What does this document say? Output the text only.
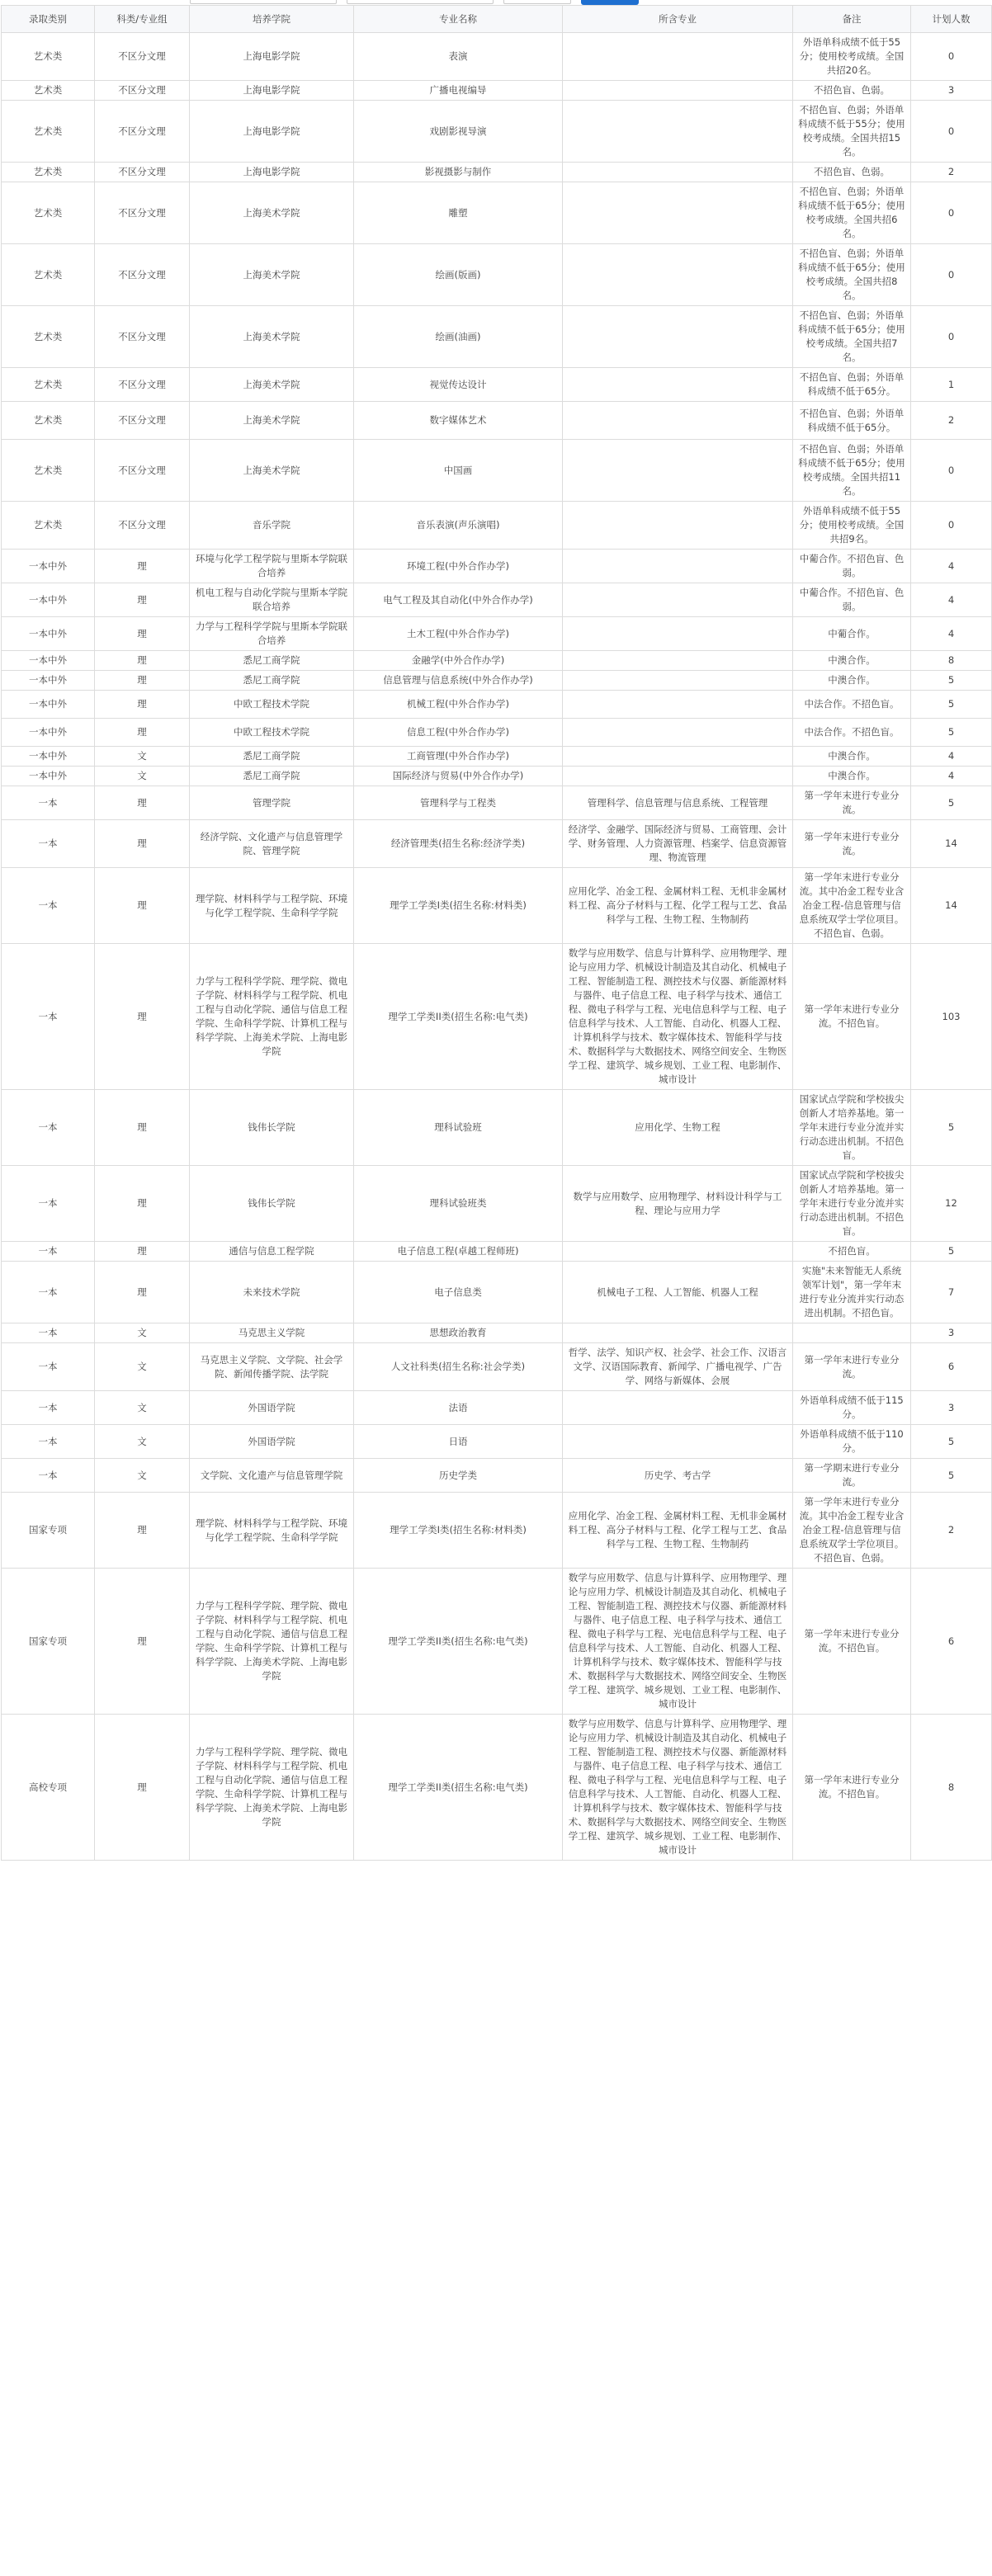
录取类别	科类/专业组	培养学院	专业名称	所含专业	备注	计划人数
艺术类	不区分文理	上海电影学院	表演		外语单科成绩不低于55分；使用校考成绩。全国共招20名。	0
艺术类	不区分文理	上海电影学院	广播电视编导		不招色盲、色弱。	3
艺术类	不区分文理	上海电影学院	戏剧影视导演		不招色盲、色弱；外语单科成绩不低于55分；使用校考成绩。全国共招15名。	0
艺术类	不区分文理	上海电影学院	影视摄影与制作		不招色盲、色弱。	2
艺术类	不区分文理	上海美术学院	雕塑		不招色盲、色弱；外语单科成绩不低于65分；使用校考成绩。全国共招6名。	0
艺术类	不区分文理	上海美术学院	绘画(版画)		不招色盲、色弱；外语单科成绩不低于65分；使用校考成绩。全国共招8名。	0
艺术类	不区分文理	上海美术学院	绘画(油画)		不招色盲、色弱；外语单科成绩不低于65分；使用校考成绩。全国共招7名。	0
艺术类	不区分文理	上海美术学院	视觉传达设计		不招色盲、色弱；外语单科成绩不低于65分。	1
艺术类	不区分文理	上海美术学院	数字媒体艺术		不招色盲、色弱；外语单科成绩不低于65分。	2
艺术类	不区分文理	上海美术学院	中国画		不招色盲、色弱；外语单科成绩不低于65分；使用校考成绩。全国共招11名。	0
艺术类	不区分文理	音乐学院	音乐表演(声乐演唱)		外语单科成绩不低于55分；使用校考成绩。全国共招9名。	0
一本中外	理	环境与化学工程学院与里斯本学院联合培养	环境工程(中外合作办学)		中葡合作。不招色盲、色弱。	4
一本中外	理	机电工程与自动化学院与里斯本学院联合培养	电气工程及其自动化(中外合作办学)		中葡合作。不招色盲、色弱。	4
一本中外	理	力学与工程科学学院与里斯本学院联合培养	土木工程(中外合作办学)		中葡合作。	4
一本中外	理	悉尼工商学院	金融学(中外合作办学)		中澳合作。	8
一本中外	理	悉尼工商学院	信息管理与信息系统(中外合作办学)		中澳合作。	5
一本中外	理	中欧工程技术学院	机械工程(中外合作办学)		中法合作。不招色盲。	5
一本中外	理	中欧工程技术学院	信息工程(中外合作办学)		中法合作。不招色盲。	5
一本中外	文	悉尼工商学院	工商管理(中外合作办学)		中澳合作。	4
一本中外	文	悉尼工商学院	国际经济与贸易(中外合作办学)		中澳合作。	4
一本	理	管理学院	管理科学与工程类	管理科学、信息管理与信息系统、工程管理	第一学年末进行专业分流。	5
一本	理	经济学院、文化遗产与信息管理学院、管理学院	经济管理类(招生名称:经济学类)	经济学、金融学、国际经济与贸易、工商管理、会计学、财务管理、人力资源管理、档案学、信息资源管理、物流管理	第一学年末进行专业分流。	14
一本	理	理学院、材料科学与工程学院、环境与化学工程学院、生命科学学院	理学工学类I类(招生名称:材料类)	应用化学、冶金工程、金属材料工程、无机非金属材料工程、高分子材料与工程、化学工程与工艺、食品科学与工程、生物工程、生物制药	第一学年末进行专业分流。其中冶金工程专业含冶金工程-信息管理与信息系统双学士学位项目。不招色盲、色弱。	14
一本	理	力学与工程科学学院、理学院、微电子学院、材料科学与工程学院、机电工程与自动化学院、通信与信息工程学院、生命科学学院、计算机工程与科学学院、上海美术学院、上海电影学院	理学工学类II类(招生名称:电气类)	数学与应用数学、信息与计算科学、应用物理学、理论与应用力学、机械设计制造及其自动化、机械电子工程、智能制造工程、测控技术与仪器、新能源材料与器件、电子信息工程、电子科学与技术、通信工程、微电子科学与工程、光电信息科学与工程、电子信息科学与技术、人工智能、自动化、机器人工程、计算机科学与技术、数字媒体技术、智能科学与技术、数据科学与大数据技术、网络空间安全、生物医学工程、建筑学、城乡规划、工业工程、电影制作、城市设计	第一学年末进行专业分流。不招色盲。	103
一本	理	钱伟长学院	理科试验班	应用化学、生物工程	国家试点学院和学校拔尖创新人才培养基地。第一学年末进行专业分流并实行动态进出机制。不招色盲。	5
一本	理	钱伟长学院	理科试验班类	数学与应用数学、应用物理学、材料设计科学与工程、理论与应用力学	国家试点学院和学校拔尖创新人才培养基地。第一学年末进行专业分流并实行动态进出机制。不招色盲。	12
一本	理	通信与信息工程学院	电子信息工程(卓越工程师班)		不招色盲。	5
一本	理	未来技术学院	电子信息类	机械电子工程、人工智能、机器人工程	实施"未来智能无人系统领军计划"，第一学年末进行专业分流并实行动态进出机制。不招色盲。	7
一本	文	马克思主义学院	思想政治教育			3
一本	文	马克思主义学院、文学院、社会学院、新闻传播学院、法学院	人文社科类(招生名称:社会学类)	哲学、法学、知识产权、社会学、社会工作、汉语言文学、汉语国际教育、新闻学、广播电视学、广告学、网络与新媒体、会展	第一学年末进行专业分流。	6
一本	文	外国语学院	法语		外语单科成绩不低于115分。	3
一本	文	外国语学院	日语		外语单科成绩不低于110分。	5
一本	文	文学院、文化遗产与信息管理学院	历史学类	历史学、考古学	第一学期末进行专业分流。	5
国家专项	理	理学院、材料科学与工程学院、环境与化学工程学院、生命科学学院	理学工学类I类(招生名称:材料类)	应用化学、冶金工程、金属材料工程、无机非金属材料工程、高分子材料与工程、化学工程与工艺、食品科学与工程、生物工程、生物制药	第一学年末进行专业分流。其中冶金工程专业含冶金工程-信息管理与信息系统双学士学位项目。不招色盲、色弱。	2
国家专项	理	力学与工程科学学院、理学院、微电子学院、材料科学与工程学院、机电工程与自动化学院、通信与信息工程学院、生命科学学院、计算机工程与科学学院、上海美术学院、上海电影学院	理学工学类II类(招生名称:电气类)	数学与应用数学、信息与计算科学、应用物理学、理论与应用力学、机械设计制造及其自动化、机械电子工程、智能制造工程、测控技术与仪器、新能源材料与器件、电子信息工程、电子科学与技术、通信工程、微电子科学与工程、光电信息科学与工程、电子信息科学与技术、人工智能、自动化、机器人工程、计算机科学与技术、数字媒体技术、智能科学与技术、数据科学与大数据技术、网络空间安全、生物医学工程、建筑学、城乡规划、工业工程、电影制作、城市设计	第一学年末进行专业分流。不招色盲。	6
高校专项	理	力学与工程科学学院、理学院、微电子学院、材料科学与工程学院、机电工程与自动化学院、通信与信息工程学院、生命科学学院、计算机工程与科学学院、上海美术学院、上海电影学院	理学工学类II类(招生名称:电气类)	数学与应用数学、信息与计算科学、应用物理学、理论与应用力学、机械设计制造及其自动化、机械电子工程、智能制造工程、测控技术与仪器、新能源材料与器件、电子信息工程、电子科学与技术、通信工程、微电子科学与工程、光电信息科学与工程、电子信息科学与技术、人工智能、自动化、机器人工程、计算机科学与技术、数字媒体技术、智能科学与技术、数据科学与大数据技术、网络空间安全、生物医学工程、建筑学、城乡规划、工业工程、电影制作、城市设计	第一学年末进行专业分流。不招色盲。	8
